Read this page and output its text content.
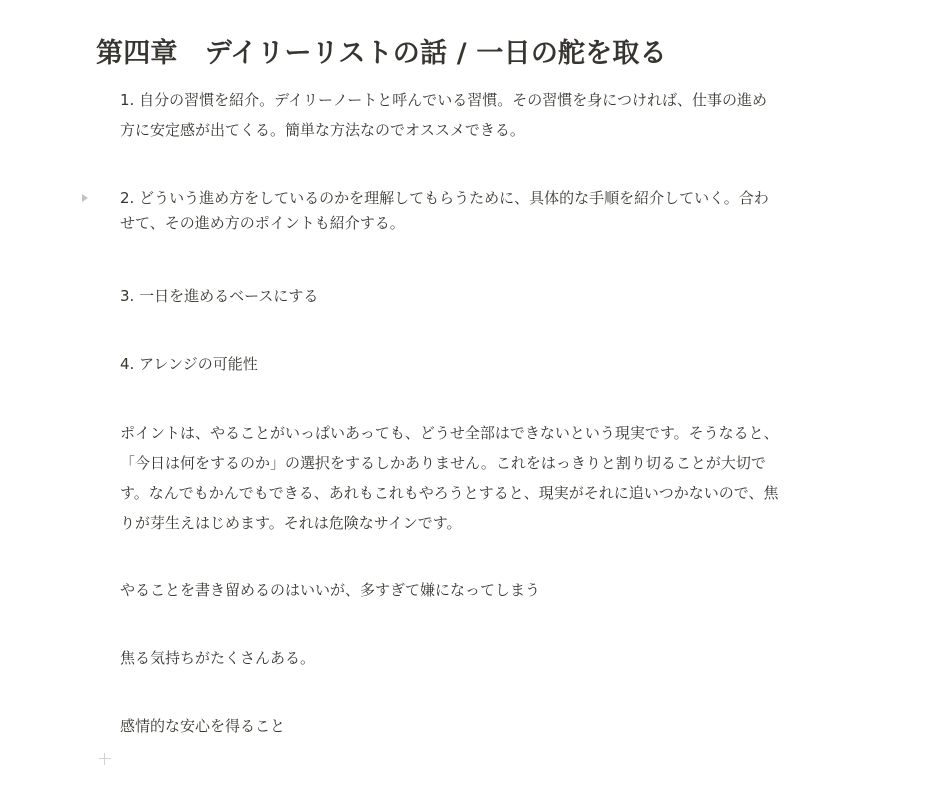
第四章　デイリーリストの話 / 一日の舵を取る
1. 自分の習慣を紹介。デイリーノートと呼んでいる習慣。その習慣を身につければ、仕事の進め方に安定感が出てくる。簡単な方法なのでオススメできる。
2. どういう進め方をしているのかを理解してもらうために、具体的な手順を紹介していく。合わせて、その進め方のポイントも紹介する。
3. 一日を進めるベースにする
4. アレンジの可能性
ポイントは、やることがいっぱいあっても、どうせ全部はできないという現実です。そうなると、「今日は何をするのか」の選択をするしかありません。これをはっきりと割り切ることが大切です。なんでもかんでもできる、あれもこれもやろうとすると、現実がそれに追いつかないので、焦りが芽生えはじめます。それは危険なサインです。
やることを書き留めるのはいいが、多すぎて嫌になってしまう
焦る気持ちがたくさんある。
感情的な安心を得ること
